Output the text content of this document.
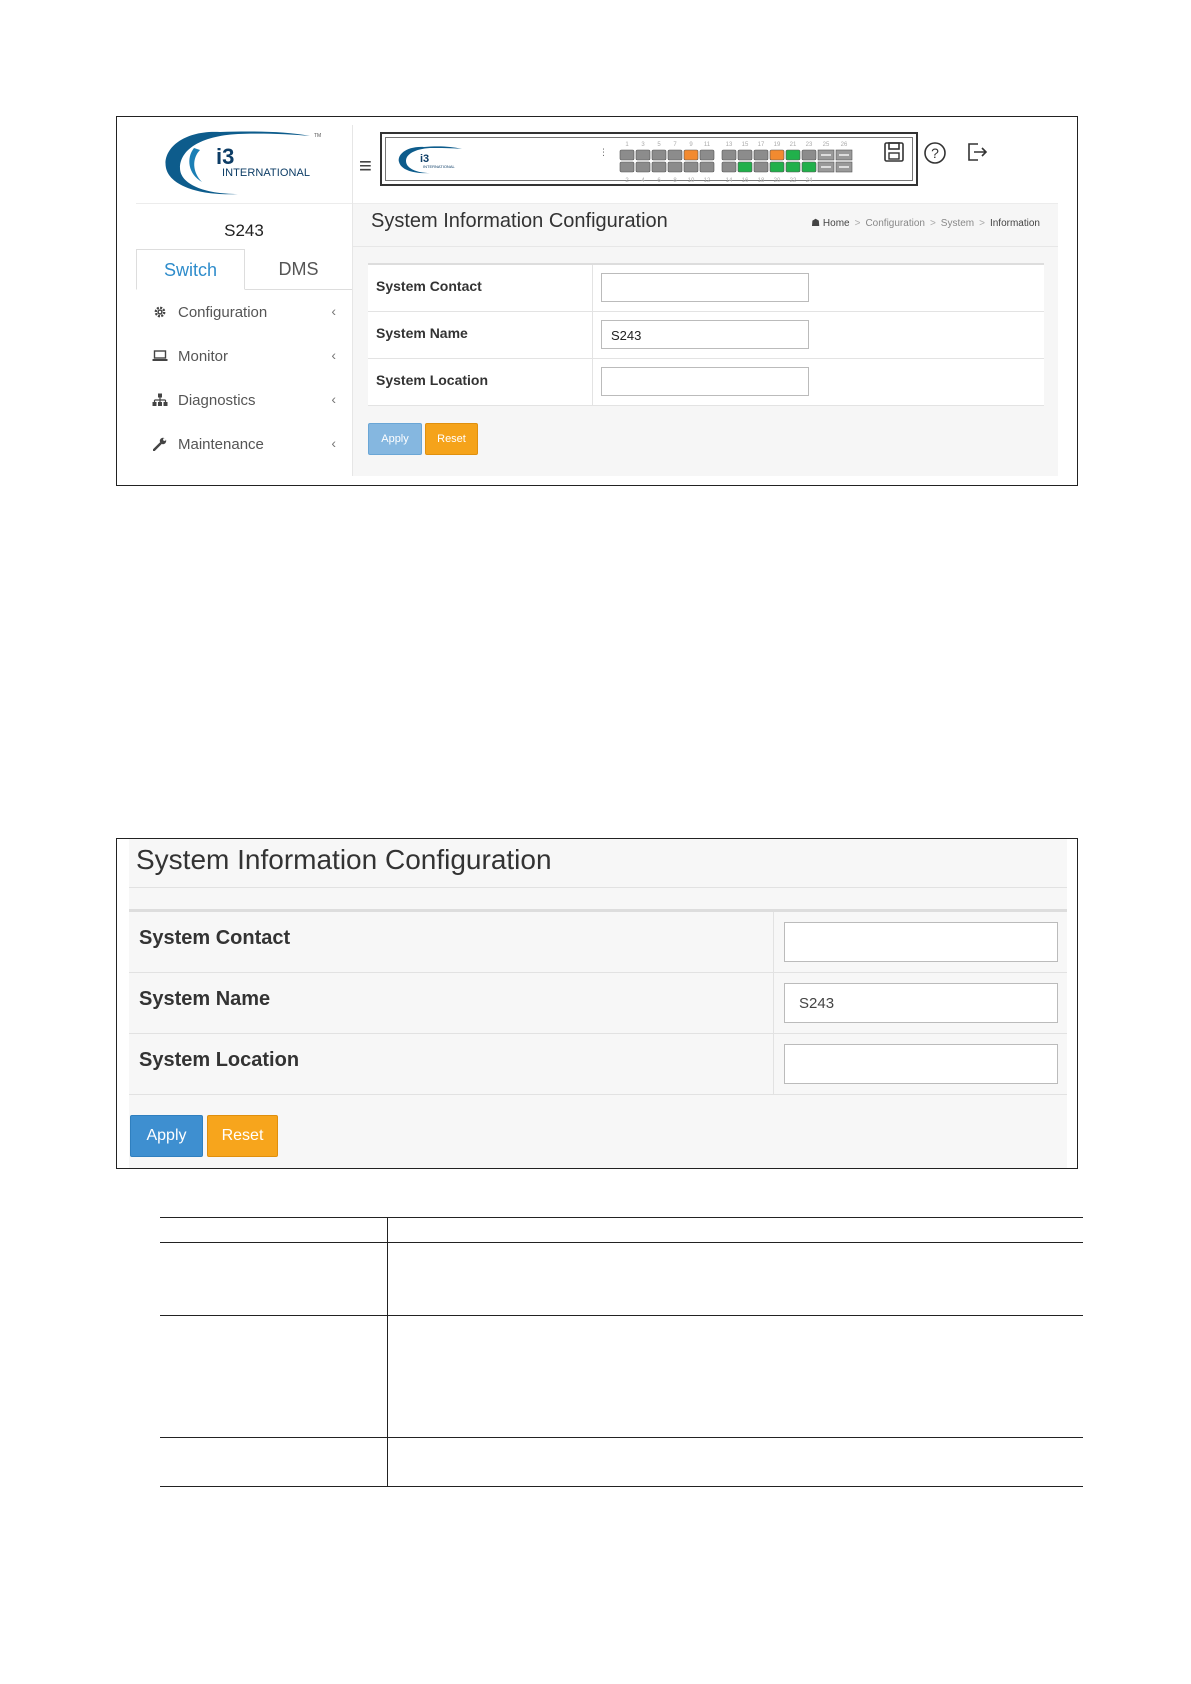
TM
i3
INTERNATIONAL
S243
Switch	DMS
Configuration	‹
Monitor	‹
Diagnostics	‹
Maintenance	‹
≡	i3
INTERNATIONAL
⋮
1 3 5 7 9 11	13 15 17 19 21 23
2 4 6 8 10 12	14 16 18 20 22 24
25 26	?
System Information Configuration	☗ Home > Configuration > System > Information
System Contact
System Name	S243
System Location
Apply	Reset
System Information Configuration
System Contact
System Name	S243
System Location
Apply	Reset
